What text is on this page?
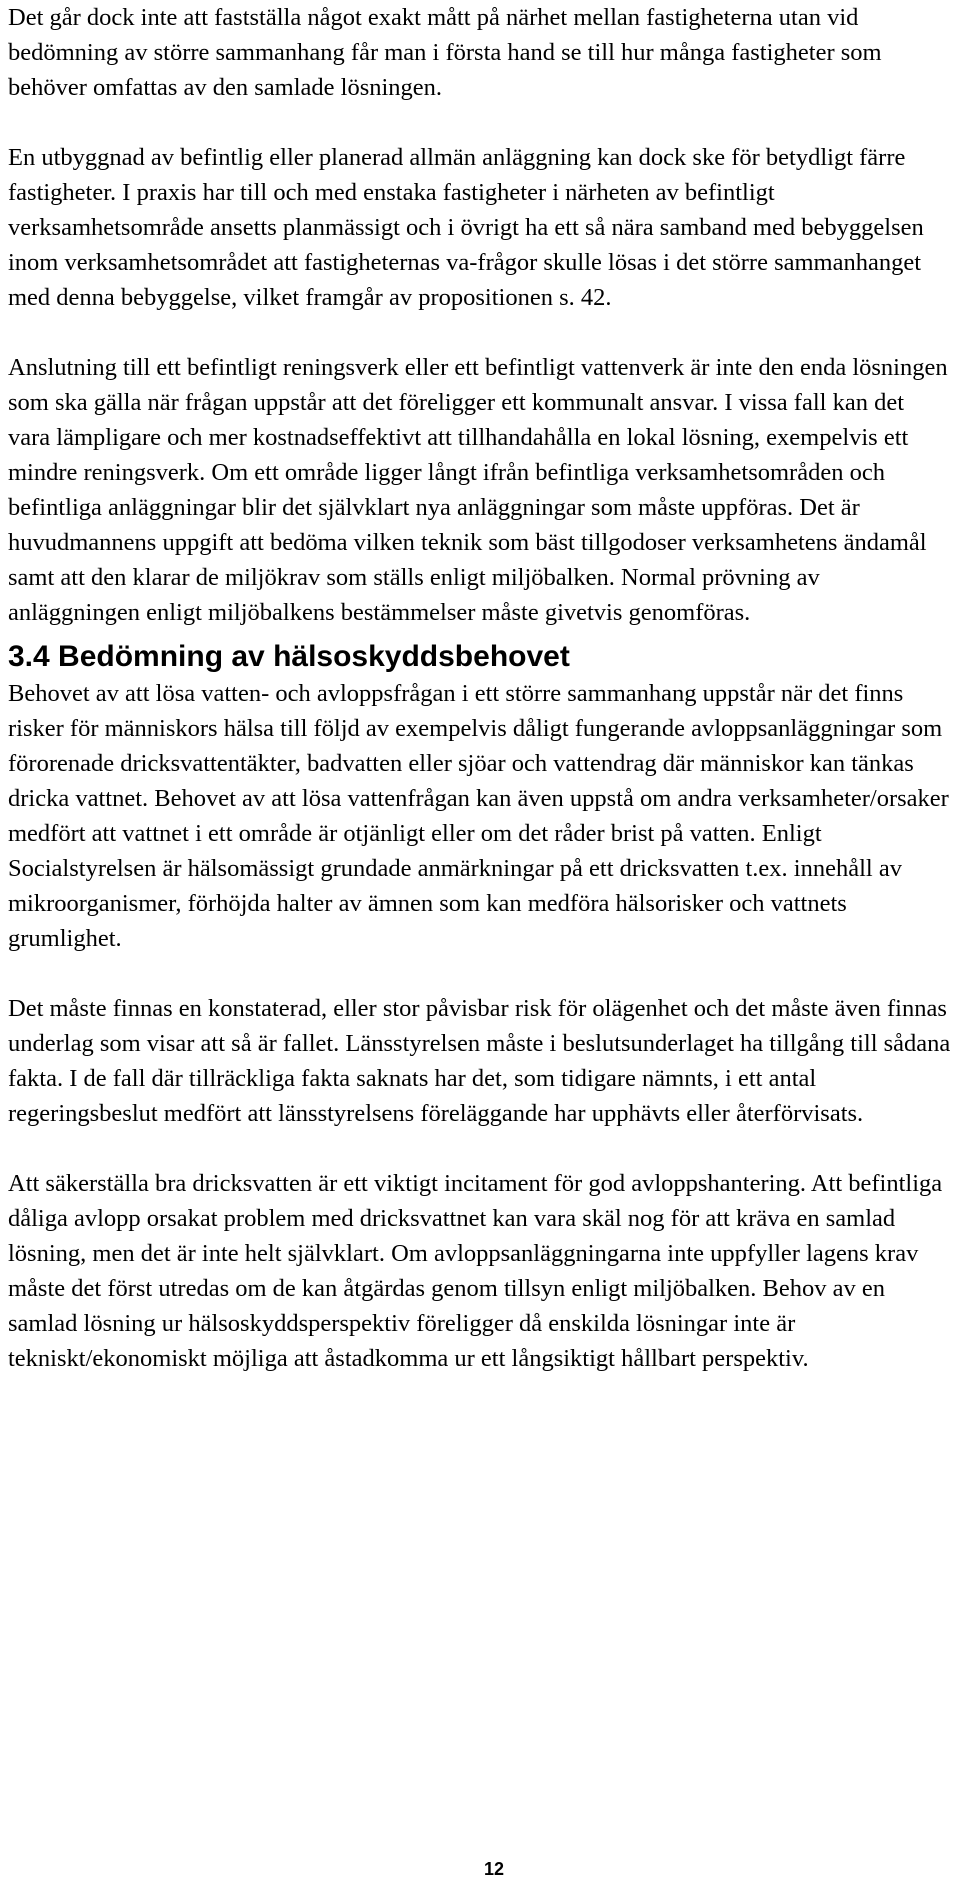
Det går dock inte att fastställa något exakt mått på närhet mellan fastigheterna utan vid bedömning av större sammanhang får man i första hand se till hur många fastigheter som behöver omfattas av den samlade lösningen.

En utbyggnad av befintlig eller planerad allmän anläggning kan dock ske för betydligt färre fastigheter. I praxis har till och med enstaka fastigheter i närheten av befintligt verksamhetsområde ansetts planmässigt och i övrigt ha ett så nära samband med bebyggelsen inom verksamhetsområdet att fastigheternas va-frågor skulle lösas i det större sammanhanget med denna bebyggelse, vilket framgår av propositionen s. 42.

Anslutning till ett befintligt reningsverk eller ett befintligt vattenverk är inte den enda lösningen som ska gälla när frågan uppstår att det föreligger ett kommunalt ansvar. I vissa fall kan det vara lämpligare och mer kostnadseffektivt att tillhandahålla en lokal lösning, exempelvis ett mindre reningsverk. Om ett område ligger långt ifrån befintliga verksamhetsområden och befintliga anläggningar blir det självklart nya anläggningar som måste uppföras. Det är huvudmannens uppgift att bedöma vilken teknik som bäst tillgodoser verksamhetens ändamål samt att den klarar de miljökrav som ställs enligt miljöbalken. Normal prövning av anläggningen enligt miljöbalkens bestämmelser måste givetvis genomföras.

3.4 Bedömning av hälsoskyddsbehovet

Behovet av att lösa vatten- och avloppsfrågan i ett större sammanhang uppstår när det finns risker för människors hälsa till följd av exempelvis dåligt fungerande avloppsanläggningar som förorenade dricksvattentäkter, badvatten eller sjöar och vattendrag där människor kan tänkas dricka vattnet. Behovet av att lösa vattenfrågan kan även uppstå om andra verksamheter/orsaker medfört att vattnet i ett område är otjänligt eller om det råder brist på vatten. Enligt Socialstyrelsen är hälsomässigt grundade anmärkningar på ett dricksvatten t.ex. innehåll av mikroorganismer, förhöjda halter av ämnen som kan medföra hälsorisker och vattnets grumlighet.

Det måste finnas en konstaterad, eller stor påvisbar risk för olägenhet och det måste även finnas underlag som visar att så är fallet. Länsstyrelsen måste i beslutsunderlaget ha tillgång till sådana fakta. I de fall där tillräckliga fakta saknats har det, som tidigare nämnts, i ett antal regeringsbeslut medfört att länsstyrelsens föreläggande har upphävts eller återförvisats.

Att säkerställa bra dricksvatten är ett viktigt incitament för god avloppshantering. Att befintliga dåliga avlopp orsakat problem med dricksvattnet kan vara skäl nog för att kräva en samlad lösning, men det är inte helt självklart. Om avloppsanläggningarna inte uppfyller lagens krav måste det först utredas om de kan åtgärdas genom tillsyn enligt miljöbalken. Behov av en samlad lösning ur hälsoskyddsperspektiv föreligger då enskilda lösningar inte är tekniskt/ekonomiskt möjliga att åstadkomma ur ett långsiktigt hållbart perspektiv.

12
